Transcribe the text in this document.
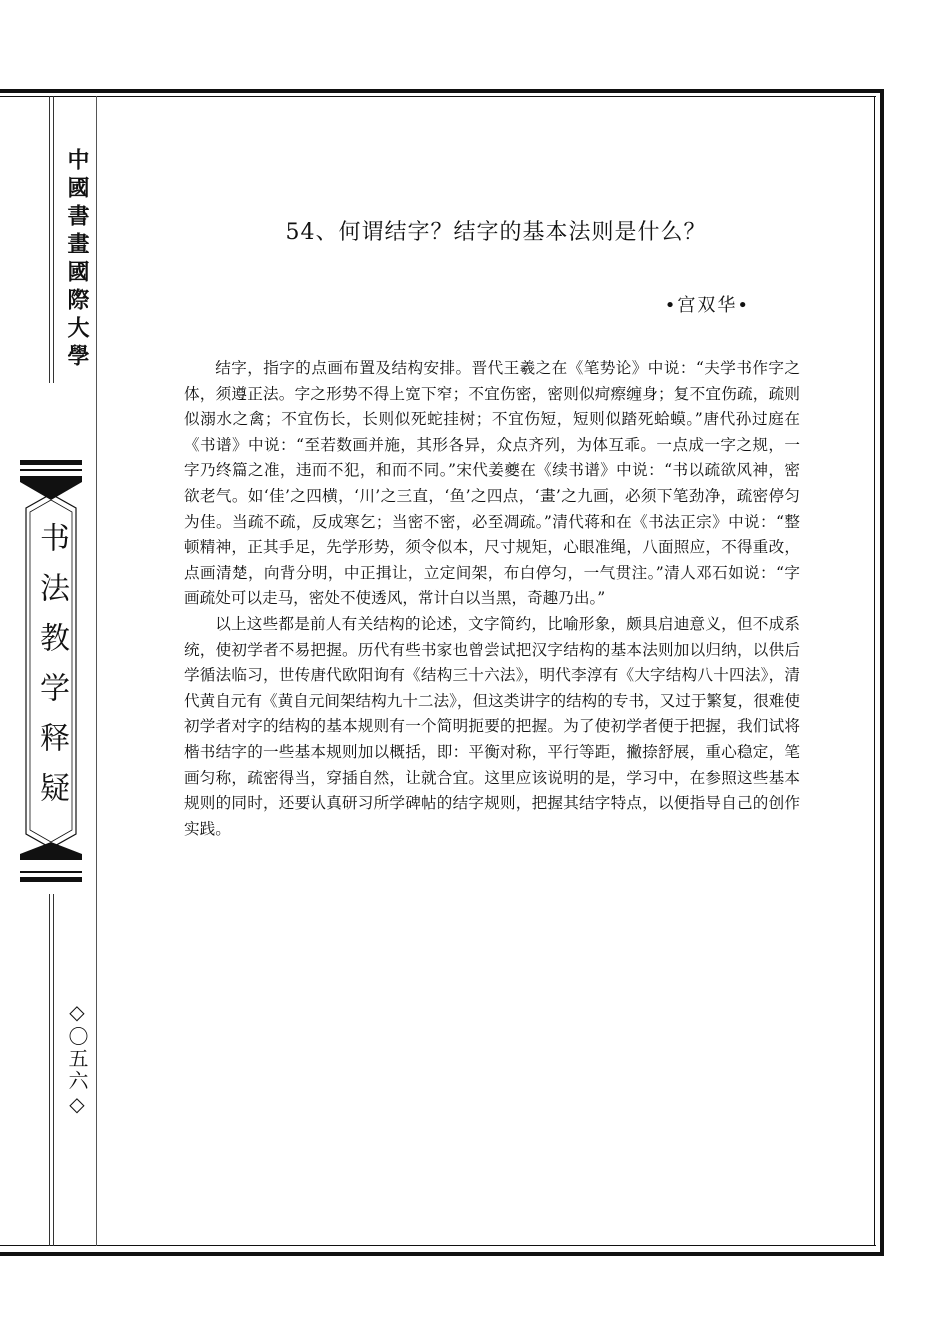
中國書畫國際大學
书法教学释疑
◇〇五六◇
54、何谓结字？结字的基本法则是什么？
•宫双华•

结字，指字的点画布置及结构安排。晋代王羲之在《笔势论》中说：“夫学书作字之体，须遵正法。字之形势不得上宽下窄；不宜伤密，密则似疴瘵缠身；复不宜伤疏，疏则似溺水之禽；不宜伤长，长则似死蛇挂树；不宜伤短，短则似踏死蛤蟆。”唐代孙过庭在《书谱》中说：“至若数画并施，其形各异，众点齐列，为体互乖。一点成一字之规，一字乃终篇之准，违而不犯，和而不同。”宋代姜夔在《续书谱》中说：“书以疏欲风神，密欲老气。如‘佳’之四横，‘川’之三直，‘鱼’之四点，‘畫’之九画，必须下笔劲净，疏密停匀为佳。当疏不疏，反成寒乞；当密不密，必至凋疏。”清代蒋和在《书法正宗》中说：“整顿精神，正其手足，先学形势，须令似本，尺寸规矩，心眼准绳，八面照应，不得重改，点画清楚，向背分明，中正揖让，立定间架，布白停匀，一气贯注。”清人邓石如说：“字画疏处可以走马，密处不使透风，常计白以当黑，奇趣乃出。”

以上这些都是前人有关结构的论述，文字简约，比喻形象，颇具启迪意义，但不成系统，使初学者不易把握。历代有些书家也曾尝试把汉字结构的基本法则加以归纳，以供后学循法临习，世传唐代欧阳询有《结构三十六法》，明代李淳有《大字结构八十四法》，清代黄自元有《黄自元间架结构九十二法》，但这类讲字的结构的专书，又过于繁复，很难使初学者对字的结构的基本规则有一个简明扼要的把握。为了使初学者便于把握，我们试将楷书结字的一些基本规则加以概括，即：平衡对称，平行等距，撇捺舒展，重心稳定，笔画匀称，疏密得当，穿插自然，让就合宜。这里应该说明的是，学习中，在参照这些基本规则的同时，还要认真研习所学碑帖的结字规则，把握其结字特点，以便指导自己的创作实践。
